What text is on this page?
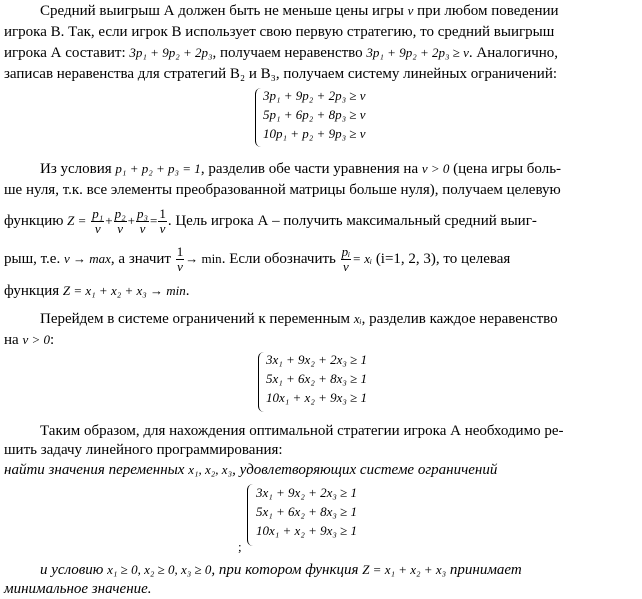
Средний выигрыш А должен быть не меньше цены игры ν при любом поведении
игрока В. Так, если игрок В использует свою первую стратегию, то средний выигрыш
игрока А составит: 3p₁ + 9p₂ + 2p₃, получаем неравенство 3p₁ + 9p₂ + 2p₃ ≥ ν. Аналогично,
записав неравенства для стратегий В₂ и В₃, получаем систему линейных ограничений:
3p₁ + 9p₂ + 2p₃ ≥ ν
5p₁ + 6p₂ + 8p₃ ≥ ν
10p₁ + p₂ + 9p₃ ≥ ν
Из условия p₁ + p₂ + p₃ = 1, разделив обе части уравнения на ν > 0 (цена игры боль-
ше нуля, т.к. все элементы преобразованной матрицы больше нуля), получаем целевую
функцию $Z = \frac{\text{p₁}}{\nu} + \frac{\text{p₂}}{\nu} + \frac{\text{p₃}}{\nu} = \frac{1}{\nu}$ . Цель игрока А – получить максимальный средний выиг-
рыш, т.е. ν → max, а значит $\frac{1}{\nu} \to \min$. Если обозначить $\frac{\text{pᵢ}}{\nu}$ = xᵢ (i=1, 2, 3), то целевая
функция Z = x₁ + x₂ + x₃ → min.
Перейдем в системе ограничений к переменным xᵢ, разделив каждое неравенство
на ν > 0:
3x₁ + 9x₂ + 2x₃ ≥ 1
5x₁ + 6x₂ + 8x₃ ≥ 1
10x₁ + x₂ + 9x₃ ≥ 1
Таким образом, для нахождения оптимальной стратегии игрока А необходимо ре-
шить задачу линейного программирования:
найти значения переменных x₁, x₂, x₃, удовлетворяющих системе ограничений
3x₁ + 9x₂ + 2x₃ ≥ 1
5x₁ + 6x₂ + 8x₃ ≥ 1
10x₁ + x₂ + 9x₃ ≥ 1
;
и условию x₁ ≥ 0, x₂ ≥ 0, x₃ ≥ 0, при котором функция Z = x₁ + x₂ + x₃ принимает
минимальное значение.
